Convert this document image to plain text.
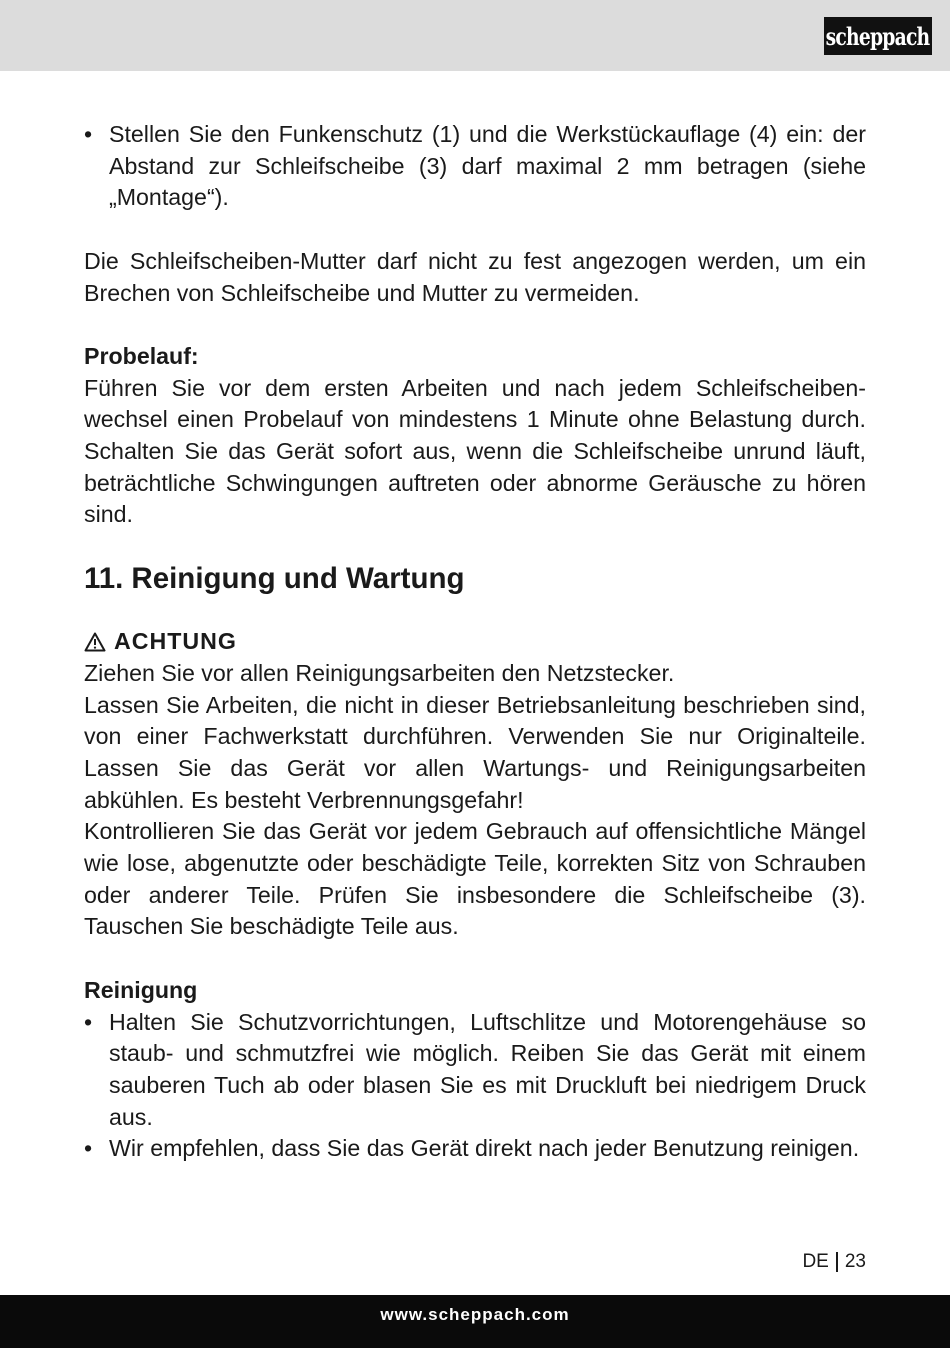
scheppach
• Stellen Sie den Funkenschutz (1) und die Werkstückauflage (4) ein: der Abstand zur Schleifscheibe (3) darf maximal 2 mm betragen (siehe „Montage“).

Die Schleifscheiben-Mutter darf nicht zu fest angezogen werden, um ein Brechen von Schleifscheibe und Mutter zu vermeiden.

Probelauf:

Führen Sie vor dem ersten Arbeiten und nach jedem Schleifscheibenwechsel einen Probelauf von mindestens 1 Minute ohne Belastung durch. Schalten Sie das Gerät sofort aus, wenn die Schleifscheibe unrund läuft, beträchtliche Schwingungen auftreten oder abnorme Geräusche zu hören sind.

11. Reinigung und Wartung
ACHTUNG

Ziehen Sie vor allen Reinigungsarbeiten den Netzstecker.

Lassen Sie Arbeiten, die nicht in dieser Betriebsanleitung beschrieben sind, von einer Fachwerkstatt durchführen. Verwenden Sie nur Originalteile. Lassen Sie das Gerät vor allen Wartungs- und Reinigungsarbeiten abkühlen. Es besteht Verbrennungsgefahr!

Kontrollieren Sie das Gerät vor jedem Gebrauch auf offensichtliche Mängel wie lose, abgenutzte oder beschädigte Teile, korrekten Sitz von Schrauben oder anderer Teile. Prüfen Sie insbesondere die Schleifscheibe (3). Tauschen Sie beschädigte Teile aus.

Reinigung
• Halten Sie Schutzvorrichtungen, Luftschlitze und Motorengehäuse so staub- und schmutzfrei wie möglich. Reiben Sie das Gerät mit einem sauberen Tuch ab oder blasen Sie es mit Druckluft bei niedrigem Druck aus.
• Wir empfehlen, dass Sie das Gerät direkt nach jeder Benutzung reinigen.
DE 23
www.scheppach.com
